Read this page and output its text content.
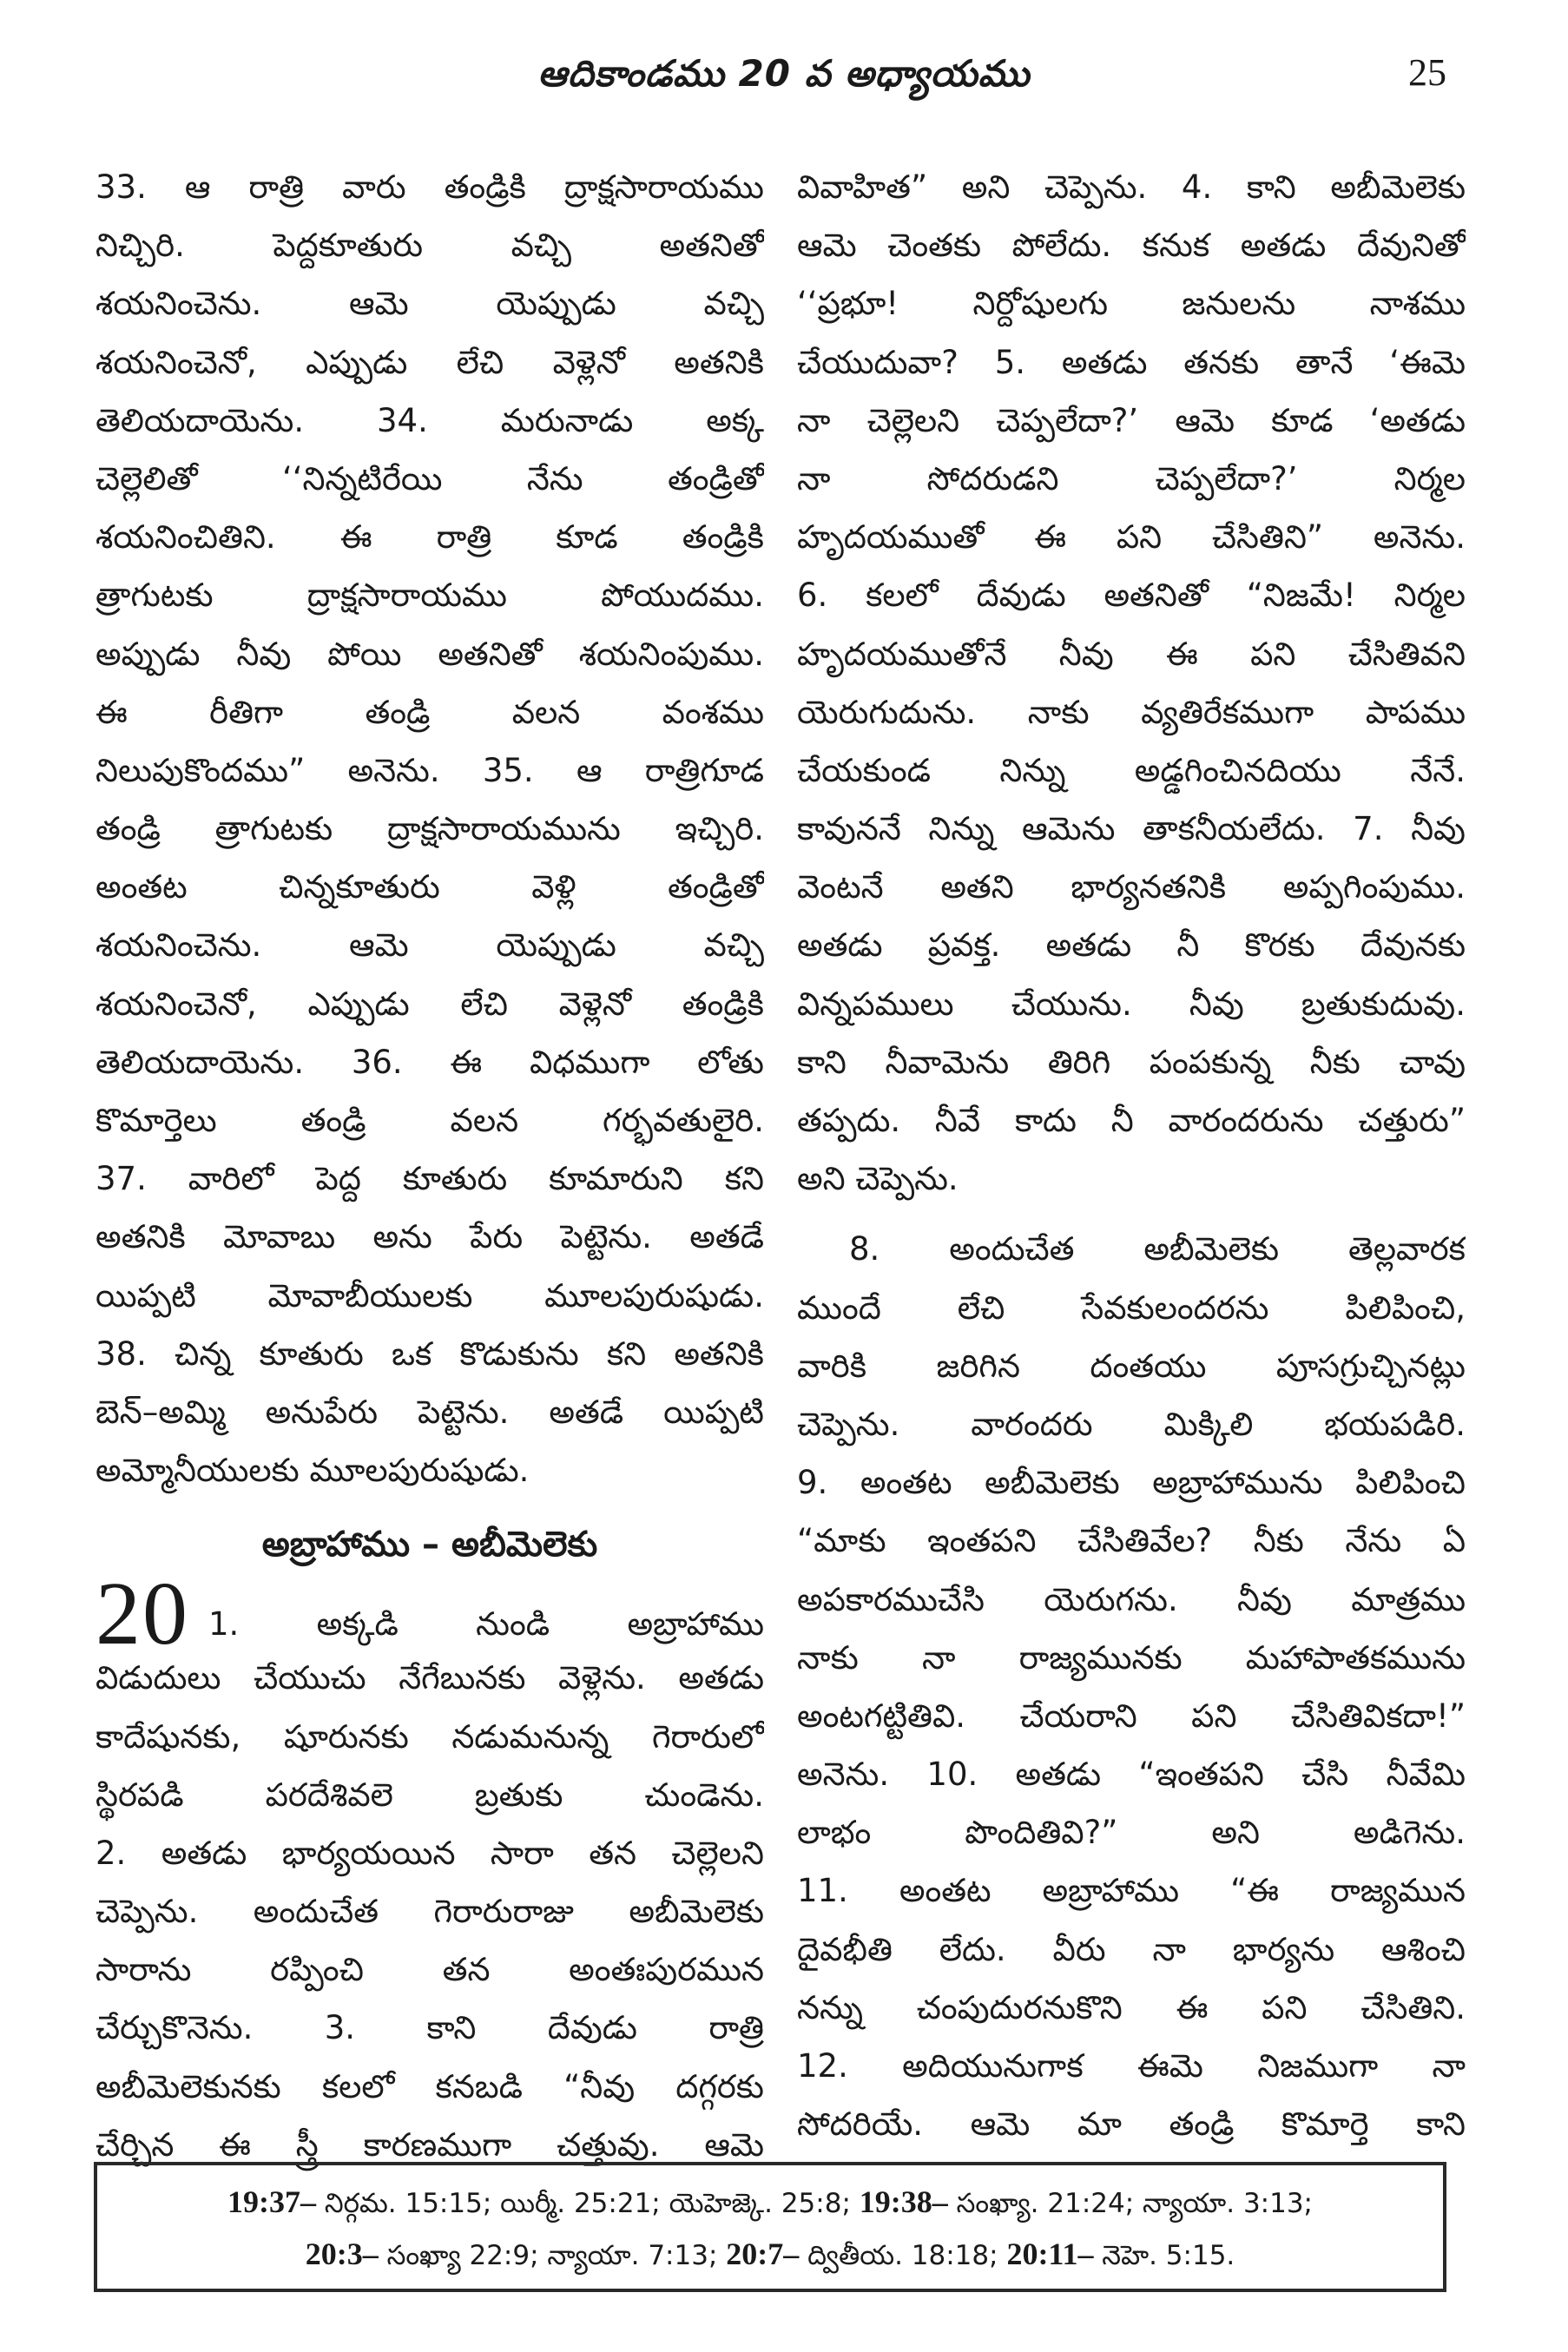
ఆదికాండము 20 వ అధ్యాయము	25
33. ఆ రాత్రి వారు తండ్రికి ద్రాక్షసారాయము
నిచ్చిరి. పెద్దకూతురు వచ్చి అతనితో
శయనించెను. ఆమె యెప్పుడు వచ్చి
శయనించెనో, ఎప్పుడు లేచి వెళ్లెనో అతనికి
తెలియదాయెను. 34. మరునాడు అక్క
చెల్లెలితో ‘‘నిన్నటిరేయి నేను తండ్రితో
శయనించితిని. ఈ రాత్రి కూడ తండ్రికి
త్రాగుటకు ద్రాక్షసారాయము పోయుదము.
అప్పుడు నీవు పోయి అతనితో శయనింపుము.
ఈ రీతిగా తండ్రి వలన వంశము
నిలుపుకొందము” అనెను. 35. ఆ రాత్రిగూడ
తండ్రి త్రాగుటకు ద్రాక్షసారాయమును ఇచ్చిరి.
అంతట చిన్నకూతురు వెళ్లి తండ్రితో
శయనించెను. ఆమె యెప్పుడు వచ్చి
శయనించెనో, ఎప్పుడు లేచి వెళ్లెనో తండ్రికి
తెలియదాయెను. 36. ఈ విధముగా లోతు
కొమార్తెలు తండ్రి వలన గర్భవతులైరి.
37. వారిలో పెద్ద కూతురు కూమారుని కని
అతనికి మోవాబు అను పేరు పెట్టెను. అతడే
యిప్పటి మోవాబీయులకు మూలపురుషుడు.
38. చిన్న కూతురు ఒక కొడుకును కని అతనికి
బెన్–అమ్మి అనుపేరు పెట్టెను. అతడే యిప్పటి
అమ్మోనీయులకు మూలపురుషుడు.
అబ్రాహాము – అబీమెలెకు
20 1. అక్కడి నుండి అబ్రాహాము
విడుదులు చేయుచు నేగేబునకు వెళ్లెను. అతడు
కాదేషునకు, షూరునకు నడుమనున్న గెరారులో
స్థిరపడి పరదేశివలె బ్రతుకు చుండెను.
2. అతడు భార్యయయిన సారా తన చెల్లెలని
చెప్పెను. అందుచేత గెరారురాజు అబీమెలెకు
సారాను రప్పించి తన అంతఃపురమున
చేర్చుకొనెను. 3. కాని దేవుడు రాత్రి
అబీమెలెకునకు కలలో కనబడి “నీవు దగ్గరకు
చేర్చిన ఈ స్త్రీ కారణముగా చత్తువు. ఆమె
వివాహిత” అని చెప్పెను. 4. కాని అబీమెలెకు
ఆమె చెంతకు పోలేదు. కనుక అతడు దేవునితో
‘‘ప్రభూ! నిర్దోషులగు జనులను నాశము
చేయుదువా? 5. అతడు తనకు తానే ‘ఈమె
నా చెల్లెలని చెప్పలేదా?’ ఆమె కూడ ‘అతడు
నా సోదరుడని చెప్పలేదా?’ నిర్మల
హృదయముతో ఈ పని చేసితిని” అనెను.
6. కలలో దేవుడు అతనితో “నిజమే! నిర్మల
హృదయముతోనే నీవు ఈ పని చేసితివని
యెరుగుదును. నాకు వ్యతిరేకముగా పాపము
చేయకుండ నిన్ను అడ్డగించినదియు నేనే.
కావుననే నిన్ను ఆమెను తాకనీయలేదు. 7. నీవు
వెంటనే అతని భార్యనతనికి అప్పగింపుము.
అతడు ప్రవక్త. అతడు నీ కొరకు దేవునకు
విన్నపములు చేయును. నీవు బ్రతుకుదువు.
కాని నీవామెను తిరిగి పంపకున్న నీకు చావు
తప్పదు. నీవే కాదు నీ వారందరును చత్తురు”
అని చెప్పెను.
8. అందుచేత అబీమెలెకు తెల్లవారక
ముందే లేచి సేవకులందరను పిలిపించి,
వారికి జరిగిన దంతయు పూసగ్రుచ్చినట్లు
చెప్పెను. వారందరు మిక్కిలి భయపడిరి.
9. అంతట అబీమెలెకు అబ్రాహామును పిలిపించి
“మాకు ఇంతపని చేసితివేల? నీకు నేను ఏ
అపకారముచేసి యెరుగను. నీవు మాత్రము
నాకు నా రాజ్యమునకు మహాపాతకమును
అంటగట్టితివి. చేయరాని పని చేసితివికదా!”
అనెను. 10. అతడు “ఇంతపని చేసి నీవేమి
లాభం పొందితివి?” అని అడిగెను.
11. అంతట అబ్రాహాము “ఈ రాజ్యమున
దైవభీతి లేదు. వీరు నా భార్యను ఆశించి
నన్ను చంపుదురనుకొని ఈ పని చేసితిని.
12. అదియునుగాక ఈమె నిజముగా నా
సోదరియే. ఆమె మా తండ్రి కొమార్తె కాని
19:37– నిర్గమ. 15:15; యిర్మీ. 25:21; యెహెజ్కె. 25:8; 19:38– సంఖ్యా. 21:24; న్యాయా. 3:13;
20:3– సంఖ్యా 22:9; న్యాయా. 7:13; 20:7– ద్వితీయ. 18:18; 20:11– నెహె. 5:15.
